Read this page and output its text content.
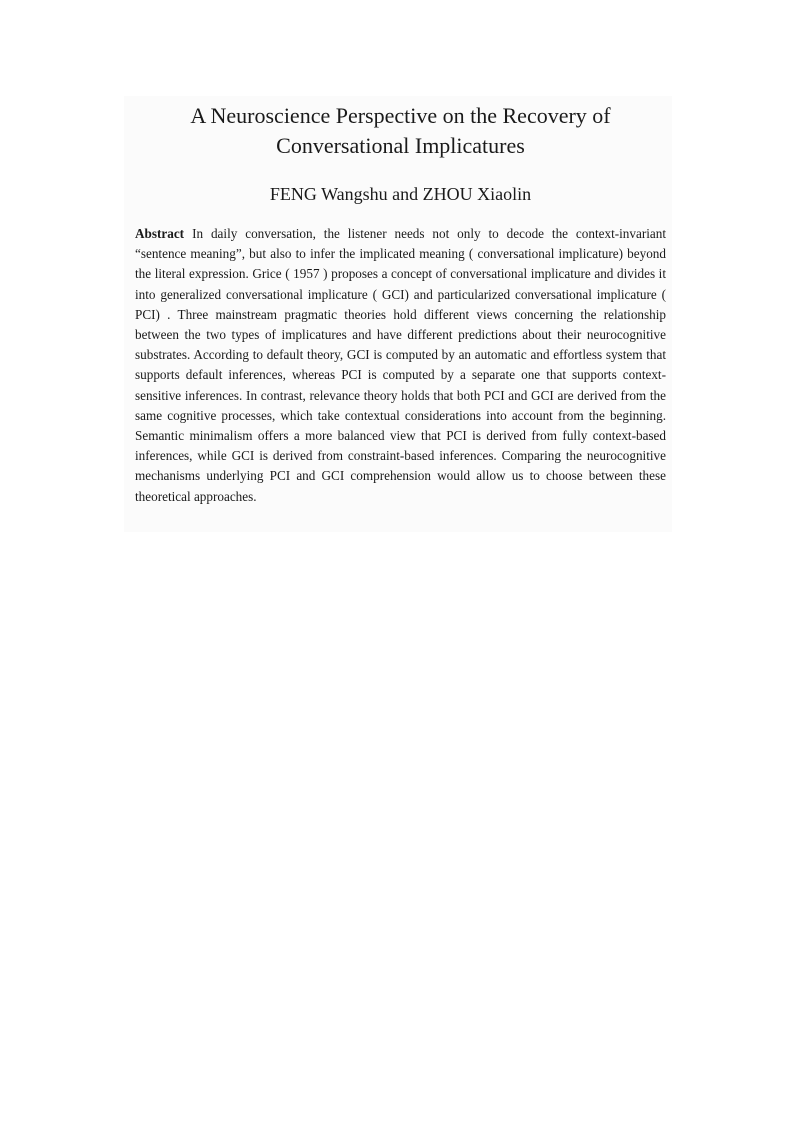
A Neuroscience Perspective on the Recovery of
Conversational Implicatures

FENG Wangshu and ZHOU Xiaolin

Abstract In daily conversation, the listener needs not only to decode the context-invariant “sentence meaning”, but also to infer the implicated meaning ( conversational implicature) beyond the literal expression. Grice ( 1957 ) proposes a concept of conversational implicature and divides it into generalized conversational implicature ( GCI) and particularized conversational implicature ( PCI) . Three mainstream pragmatic theories hold different views concerning the relationship between the two types of implicatures and have different predictions about their neurocognitive substrates. According to default theory, GCI is computed by an automatic and effortless system that supports default inferences, whereas PCI is computed by a separate one that supports context-sensitive inferences. In contrast, relevance theory holds that both PCI and GCI are derived from the same cognitive processes, which take contextual considerations into account from the beginning. Semantic minimalism offers a more balanced view that PCI is derived from fully context-based inferences, while GCI is derived from constraint-based inferences. Comparing the neurocognitive mechanisms underlying PCI and GCI comprehension would allow us to choose between these theoretical approaches.
